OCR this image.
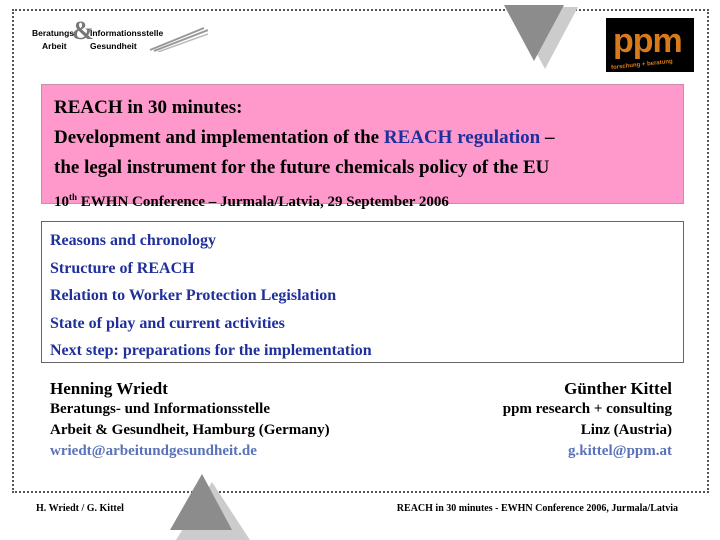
&
Beratungs Informationsstelle
Arbeit	Gesundheit	ppm
forschung + beratung
REACH in 30 minutes:
Development and implementation of the REACH regulation –
the legal instrument for the future chemicals policy of the EU
10th EWHN Conference – Jurmala/Latvia, 29 September 2006
Reasons and chronology
Structure of REACH
Relation to Worker Protection Legislation
State of play and current activities
Next step: preparations for the implementation
Henning Wriedt
Beratungs- und Informationsstelle
Arbeit & Gesundheit, Hamburg (Germany)
wriedt@arbeitundgesundheit.de
Günther Kittel
ppm research + consulting
Linz (Austria)
g.kittel@ppm.at
H. Wriedt / G. Kittel	REACH in 30 minutes - EWHN Conference 2006, Jurmala/Latvia
